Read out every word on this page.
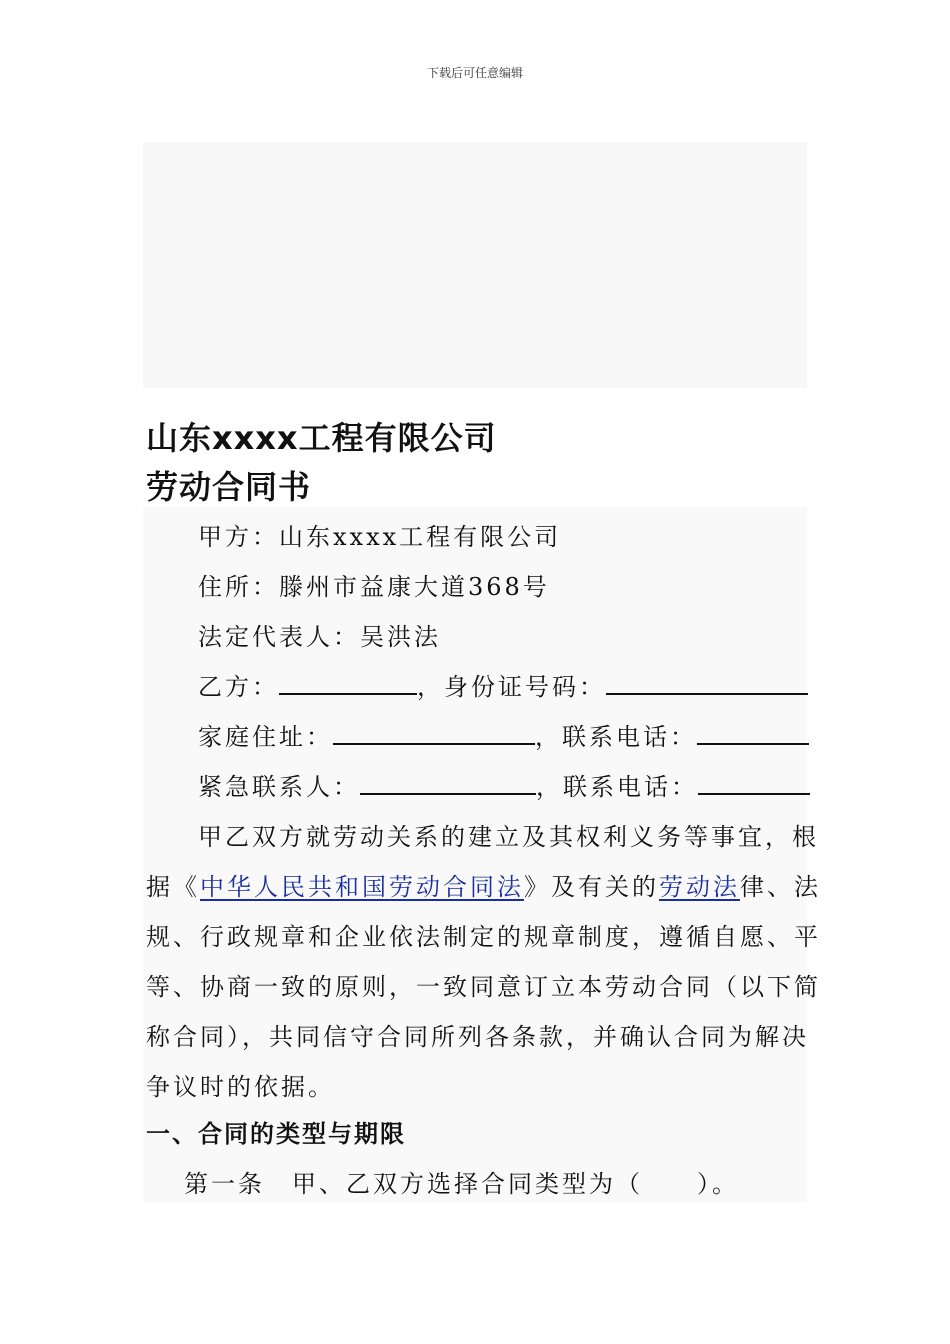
下载后可任意编辑
山东xxxx工程有限公司
劳动合同书
甲方：山东xxxx工程有限公司
住所：滕州市益康大道368号
法定代表人：吴洪法
乙方：	，身份证号码：
家庭住址：	，联系电话：
紧急联系人：	，联系电话：
甲乙双方就劳动关系的建立及其权利义务等事宜，根
据《中华人民共和国劳动合同法》及有关的劳动法律、法
规、行政规章和企业依法制定的规章制度，遵循自愿、平
等、协商一致的原则，一致同意订立本劳动合同（以下简
称合同），共同信守合同所列各条款，并确认合同为解决
争议时的依据。
一、合同的类型与期限
第一条　甲、乙双方选择合同类型为（　　）。
